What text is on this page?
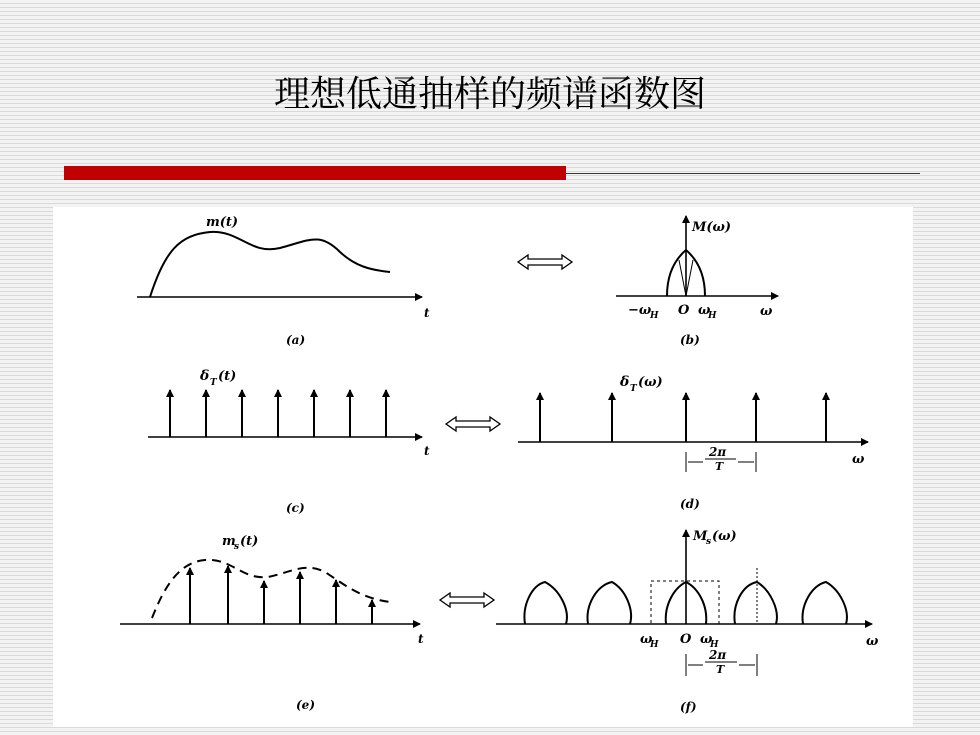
理想低通抽样的频谱函数图
m(t)
t
(a)
M(ω)
−ω
H O ω
H	ω
(b)
δ T (t)
t
(c)
δ T (ω)
2π
T	ω
(d)
m
s (t)
t
(e)
M
s (ω)
ω
H O ω
H	ω
2π
T
(f)
